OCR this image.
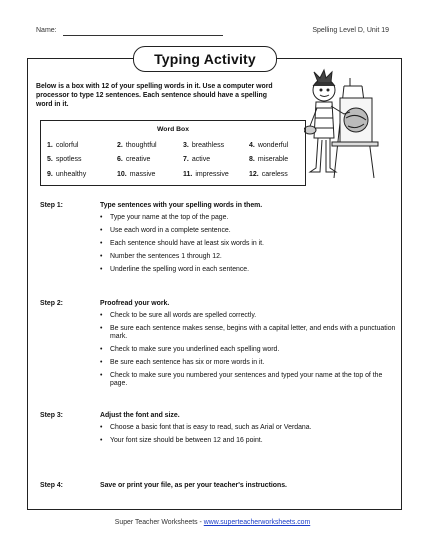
Name:	Spelling Level D, Unit 19
Typing Activity
Below is a box with 12 of your spelling words in it. Use a computer word processor to type 12 sentences. Each sentence should have a spelling word in it.
Word Box
1. colorful	2. thoughtful	3. breathless	4. wonderful
5. spotless	6. creative	7. active	8. miserable
9. unhealthy	10. massive	11. impressive	12. careless
Step 1:	Type sentences with your spelling words in them.
• Type your name at the top of the page.
• Use each word in a complete sentence.
• Each sentence should have at least six words in it.
• Number the sentences 1 through 12.
• Underline the spelling word in each sentence.
Step 2:	Proofread your work.
• Check to be sure all words are spelled correctly.
• Be sure each sentence makes sense, begins with a capital letter, and ends with a punctuation mark.
• Check to make sure you underlined each spelling word.
• Be sure each sentence has six or more words in it.
• Check to make sure you numbered your sentences and typed your name at the top of the page.
Step 3:	Adjust the font and size.
• Choose a basic font that is easy to read, such as Arial or Verdana.
• Your font size should be between 12 and 16 point.
Step 4:	Save or print your file, as per your teacher's instructions.
Super Teacher Worksheets - www.superteacherworksheets.com
